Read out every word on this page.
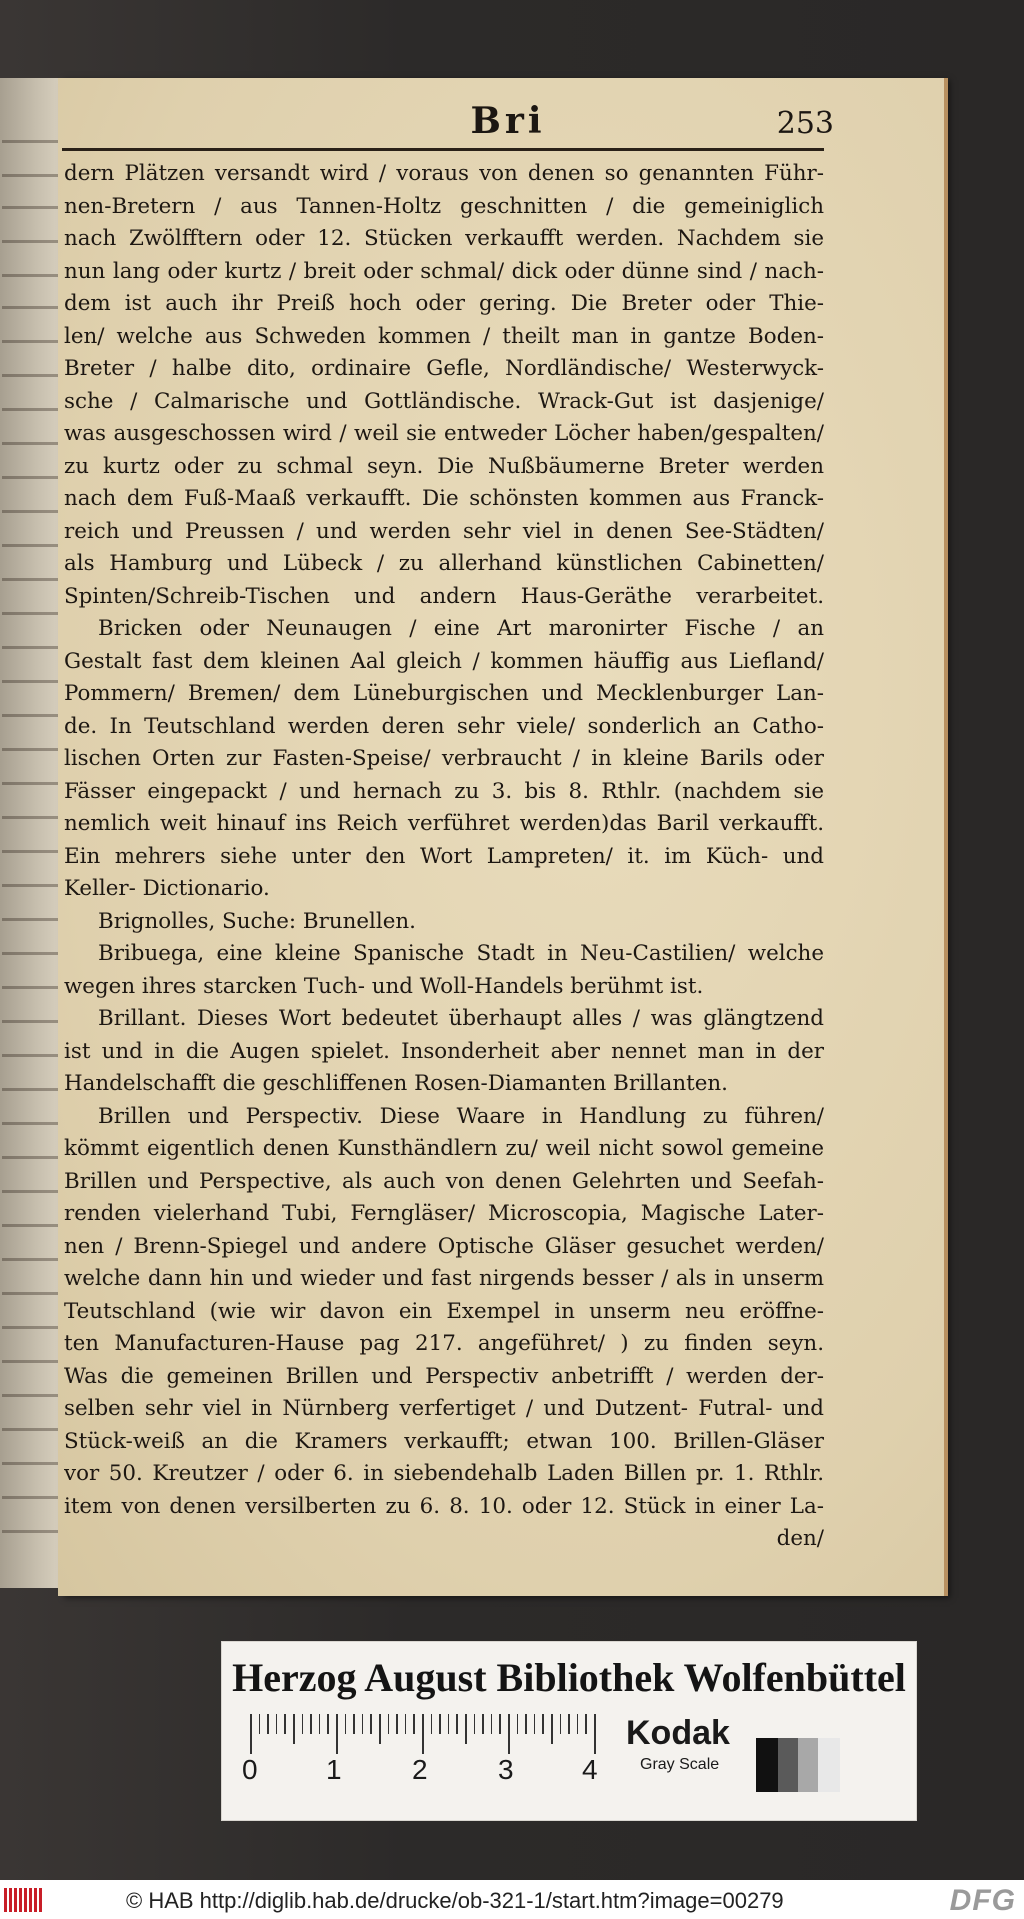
Bri	253
dern Plätzen versandt wird / voraus von denen so genannten Führ-
nen-Bretern / aus Tannen-Holtz geschnitten / die gemeiniglich
nach Zwölfftern oder 12. Stücken verkaufft werden. Nachdem sie
nun lang oder kurtz / breit oder schmal/ dick oder dünne sind / nach-
dem ist auch ihr Preiß hoch oder gering. Die Breter oder Thie-
len/ welche aus Schweden kommen / theilt man in gantze Boden-
Breter / halbe dito, ordinaire Gefle, Nordländische/ Westerwyck-
sche / Calmarische und Gottländische. Wrack-Gut ist dasjenige/
was ausgeschossen wird / weil sie entweder Löcher haben/gespalten/
zu kurtz oder zu schmal seyn. Die Nußbäumerne Breter werden
nach dem Fuß-Maaß verkaufft. Die schönsten kommen aus Franck-
reich und Preussen / und werden sehr viel in denen See-Städten/
als Hamburg und Lübeck / zu allerhand künstlichen Cabinetten/
Spinten/Schreib-Tischen und andern Haus-Geräthe verarbeitet.
Bricken oder Neunaugen / eine Art maronirter Fische / an
Gestalt fast dem kleinen Aal gleich / kommen häuffig aus Liefland/
Pommern/ Bremen/ dem Lüneburgischen und Mecklenburger Lan-
de. In Teutschland werden deren sehr viele/ sonderlich an Catho-
lischen Orten zur Fasten-Speise/ verbraucht / in kleine Barils oder
Fässer eingepackt / und hernach zu 3. bis 8. Rthlr. (nachdem sie
nemlich weit hinauf ins Reich verführet werden)das Baril verkaufft.
Ein mehrers siehe unter den Wort Lampreten/ it. im Küch- und
Keller- Dictionario.
Brignolles, Suche: Brunellen.
Bribuega, eine kleine Spanische Stadt in Neu-Castilien/ welche
wegen ihres starcken Tuch- und Woll-Handels berühmt ist.
Brillant. Dieses Wort bedeutet überhaupt alles / was glängtzend
ist und in die Augen spielet. Insonderheit aber nennet man in der
Handelschafft die geschliffenen Rosen-Diamanten Brillanten.
Brillen und Perspectiv. Diese Waare in Handlung zu führen/
kömmt eigentlich denen Kunsthändlern zu/ weil nicht sowol gemeine
Brillen und Perspective, als auch von denen Gelehrten und Seefah-
renden vielerhand Tubi, Ferngläser/ Microscopia, Magische Later-
nen / Brenn-Spiegel und andere Optische Gläser gesuchet werden/
welche dann hin und wieder und fast nirgends besser / als in unserm
Teutschland (wie wir davon ein Exempel in unserm neu eröffne-
ten Manufacturen-Hause pag 217. angeführet/ ) zu finden seyn.
Was die gemeinen Brillen und Perspectiv anbetrifft / werden der-
selben sehr viel in Nürnberg verfertiget / und Dutzent- Futral- und
Stück-weiß an die Kramers verkaufft; etwan 100. Brillen-Gläser
vor 50. Kreutzer / oder 6. in siebendehalb Laden Billen pr. 1. Rthlr.
item von denen versilberten zu 6. 8. 10. oder 12. Stück in einer La-
den/
Herzog August Bibliothek Wolfenbüttel
0 1	2	3 4
Kodak
Gray Scale
© HAB http://diglib.hab.de/drucke/ob-321-1/start.htm?image=00279	DFG
